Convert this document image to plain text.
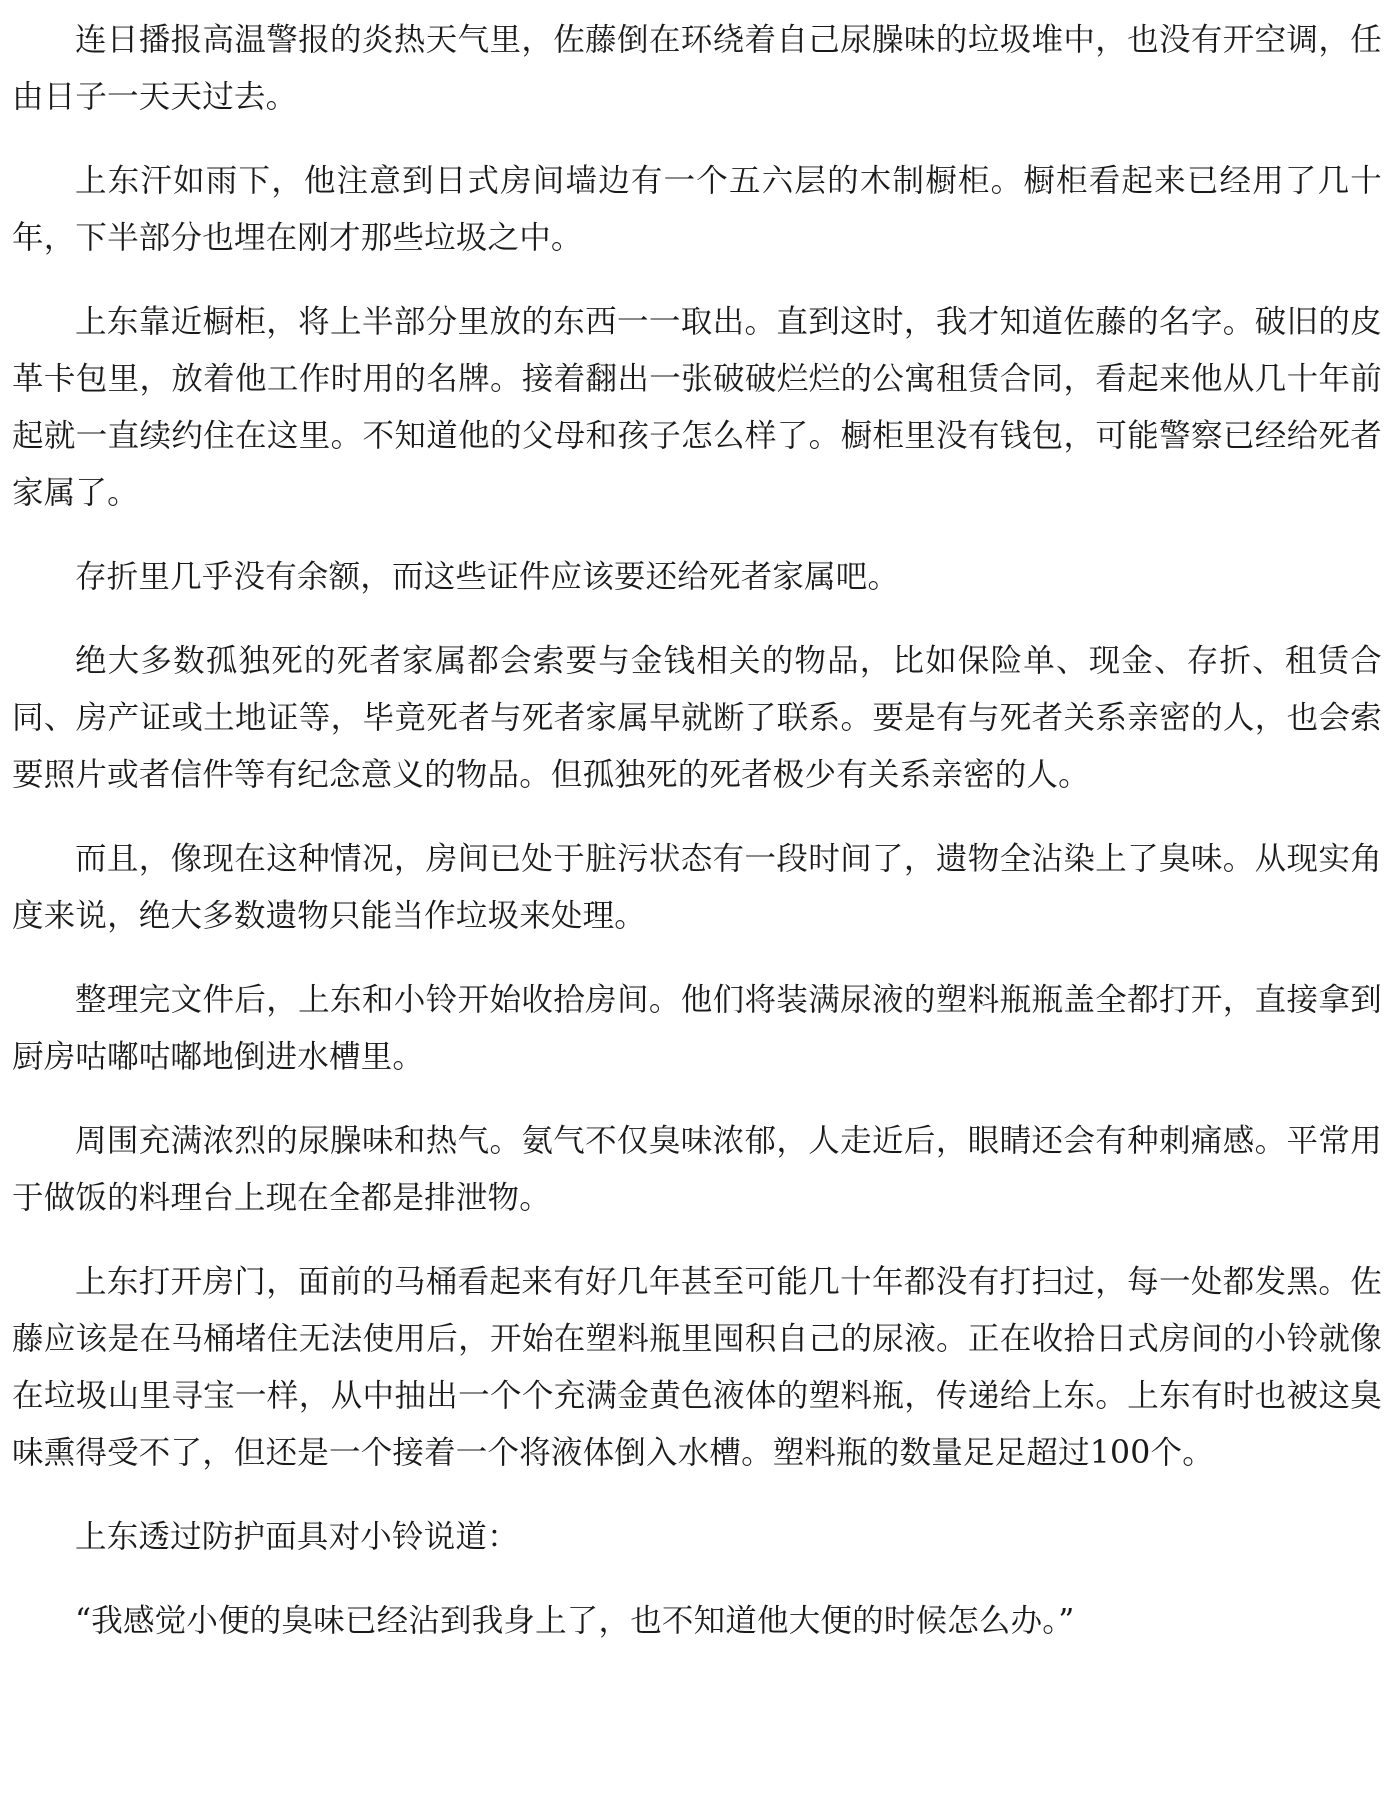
连日播报高温警报的炎热天气里，佐藤倒在环绕着自己尿臊味的垃圾堆中，也没有开空调，任由日子一天天过去。

上东汗如雨下，他注意到日式房间墙边有一个五六层的木制橱柜。橱柜看起来已经用了几十年，下半部分也埋在刚才那些垃圾之中。

上东靠近橱柜，将上半部分里放的东西一一取出。直到这时，我才知道佐藤的名字。破旧的皮革卡包里，放着他工作时用的名牌。接着翻出一张破破烂烂的公寓租赁合同，看起来他从几十年前起就一直续约住在这里。不知道他的父母和孩子怎么样了。橱柜里没有钱包，可能警察已经给死者家属了。

存折里几乎没有余额，而这些证件应该要还给死者家属吧。

绝大多数孤独死的死者家属都会索要与金钱相关的物品，比如保险单、现金、存折、租赁合同、房产证或土地证等，毕竟死者与死者家属早就断了联系。要是有与死者关系亲密的人，也会索要照片或者信件等有纪念意义的物品。但孤独死的死者极少有关系亲密的人。

而且，像现在这种情况，房间已处于脏污状态有一段时间了，遗物全沾染上了臭味。从现实角度来说，绝大多数遗物只能当作垃圾来处理。

整理完文件后，上东和小铃开始收拾房间。他们将装满尿液的塑料瓶瓶盖全都打开，直接拿到厨房咕嘟咕嘟地倒进水槽里。

周围充满浓烈的尿臊味和热气。氨气不仅臭味浓郁，人走近后，眼睛还会有种刺痛感。平常用于做饭的料理台上现在全都是排泄物。

上东打开房门，面前的马桶看起来有好几年甚至可能几十年都没有打扫过，每一处都发黑。佐藤应该是在马桶堵住无法使用后，开始在塑料瓶里囤积自己的尿液。正在收拾日式房间的小铃就像在垃圾山里寻宝一样，从中抽出一个个充满金黄色液体的塑料瓶，传递给上东。上东有时也被这臭味熏得受不了，但还是一个接着一个将液体倒入水槽。塑料瓶的数量足足超过100个。

上东透过防护面具对小铃说道：

“我感觉小便的臭味已经沾到我身上了，也不知道他大便的时候怎么办。”
